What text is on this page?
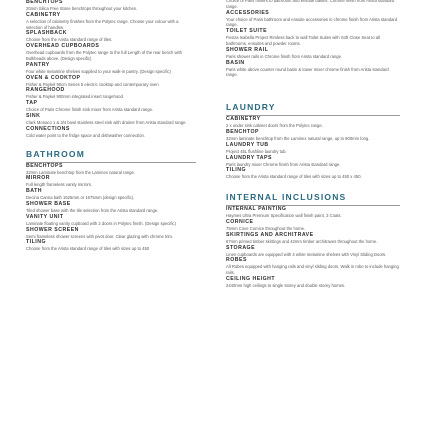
BENCHTOPS
20mm Silica Free Stone benchtops throughout your kitchen.
CABINETRY
A selection of cabinetry finishes from the Polytec range. Choose your colour with a selection of handles.
SPLASHBACK
Choose from the Arista standard range of tiles.
OVERHEAD CUPBOARDS
Overhead cupboards from the Polytec range to the full Length of the rear bench with Bulkheads above. (Design specific)
PANTRY
Four white melamine shelves supplied to your walk-in pantry. (Design specific)
OVEN & COOKTOP
Fisher & Paykel 90cm Series 5 electric cooktop and contemporary oven
RANGEHOOD
Fisher & Paykel 900mm integrated insert rangehood.
TAP
Choice of Paris Chrome finish sink mixer from Arista standard range.
SINK
Clark Monaco 1 & 3/4 bowl stainless steel sink with drainer from Arista standard range.
CONNECTIONS
Cold water point to the fridge space and dishwasher connection.
BATHROOM
BENCHTOPS
32mm Laminate benchtop from the Laminex natural range.
MIRROR
Full length frameless vanity mirrors.
BATH
Decina Canna bath 1525mm or 1675mm (design specific).
SHOWER BASE
Tiled shower base with the tile selection from the Arista standard range.
VANITY UNIT
Laminate floating vanity cupboard with 2 doors in Polytec finish. (Design specific)
SHOWER SCREEN
Semi frameless shower screens with pivot door. Clear glazing with chrome trim.
TILING
Choose from the Arista standard range of tiles with sizes up to 450
Choice of Paris mixers to bathroom and ensuite basins. Chrome finish from Arista standard range.
ACCESSORIES
Your choice of Paris bathroom and ensuite accessories in chrome finish from Arista standard range.
TOILET SUITE
Fienza Isabella Project Rimless back to wall Toilet Suites with Soft Close Seat to all bathrooms, ensuites and powder rooms.
SHOWER RAIL
Paris shower rails in Chrome finish from Arista standard range.
BASIN
Paris white above counter round basin & tower mixer chrome finish from Arista standard range.
LAUNDRY
CABINETRY
2 x under sink cabinet doors from the Polytec range.
BENCHTOP
32mm laminate benchtop from the Laminex natural range, up to 900mm long.
LAUNDRY TUB
Project 45L flushline laundry tub.
LAUNDRY TAPS
Paris laundry mixer Chrome finish from Arista standard range.
TILING
Choose from the Arista standard range of tiles with sizes up to 450 x 450.
INTERNAL INCLUSIONS
INTERNAL PAINTING
Haymes Ultra Premium Specification wall finish paint, 3 Coats.
CORNICE
75mm Cove Cornice throughout the home.
SKIRTINGS AND ARCHITRAVE
67mm primed timber skirtings and 42mm timber architraves throughout the home.
STORAGE
Linen cupboards are equipped with 4 white melamine shelves with Vinyl Sliding Doors.
ROBES
All Robes equipped with hanging rails and vinyl sliding doors. Walk in robe to include hanging rails.
CEILING HEIGHT
2440mm high ceilings to single storey and double storey homes.
